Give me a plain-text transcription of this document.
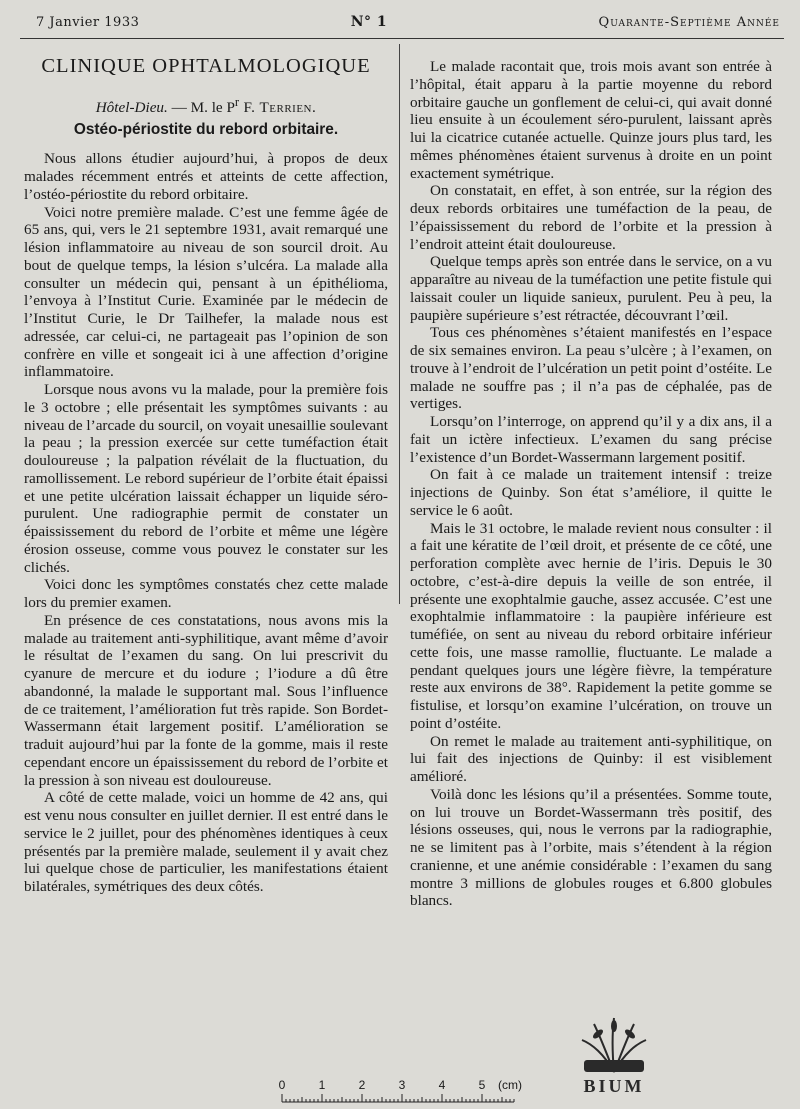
7 Janvier 1933	N° 1	Quarante-Septième Année
CLINIQUE OPHTALMOLOGIQUE
Hôtel-Dieu. — M. le $P^r$ F. Terrien.
Ostéo-périostite du rebord orbitaire.

Nous allons étudier aujourd’hui, à propos de deux malades récemment entrés et atteints de cette affection, l’ostéo-périostite du rebord orbitaire.

Voici notre première malade. C’est une femme âgée de 65 ans, qui, vers le 21 septembre 1931, avait remarqué une lésion inflammatoire au niveau de son sourcil droit. Au bout de quelque temps, la lésion s’ulcéra. La malade alla consulter un médecin qui, pensant à un épithélioma, l’envoya à l’Institut Curie. Examinée par le médecin de l’Institut Curie, le Dr Tailhefer, la malade nous est adressée, car celui-ci, ne partageait pas l’opinion de son confrère en ville et songeait ici à une affection d’origine inflammatoire.

Lorsque nous avons vu la malade, pour la première fois le 3 octobre ; elle présentait les symptômes suivants : au niveau de l’arcade du sourcil, on voyait unesaillie soulevant la peau ; la pression exercée sur cette tuméfaction était douloureuse ; la palpation révélait de la fluctuation, du ramollissement. Le rebord supérieur de l’orbite était épaissi et une petite ulcération laissait échapper un liquide séro-purulent. Une radiographie permit de constater un épaississement du rebord de l’orbite et même une légère érosion osseuse, comme vous pouvez le constater sur les clichés.

Voici donc les symptômes constatés chez cette malade lors du premier examen.

En présence de ces constatations, nous avons mis la malade au traitement anti-syphilitique, avant même d’avoir le résultat de l’examen du sang. On lui prescrivit du cyanure de mercure et du iodure ; l’iodure a dû être abandonné, la malade le supportant mal. Sous l’influence de ce traitement, l’amélioration fut très rapide. Son Bordet-Wassermann était largement positif. L’amélioration se traduit aujourd’hui par la fonte de la gomme, mais il reste cependant encore un épaississement du rebord de l’orbite et la pression à son niveau est douloureuse.

A côté de cette malade, voici un homme de 42 ans, qui est venu nous consulter en juillet dernier. Il est entré dans le service le 2 juillet, pour des phénomènes identiques à ceux présentés par la première malade, seulement il y avait chez lui quelque chose de particulier, les manifestations étaient bilatérales, symétriques des deux côtés.

Le malade racontait que, trois mois avant son entrée à l’hôpital, était apparu à la partie moyenne du rebord orbitaire gauche un gonflement de celui-ci, qui avait donné lieu ensuite à un écoulement séro-purulent, laissant après lui la cicatrice cutanée actuelle. Quinze jours plus tard, les mêmes phénomènes étaient survenus à droite en un point exactement symétrique.

On constatait, en effet, à son entrée, sur la région des deux rebords orbitaires une tuméfaction de la peau, de l’épaississement du rebord de l’orbite et la pression à l’endroit atteint était douloureuse.

Quelque temps après son entrée dans le service, on a vu apparaître au niveau de la tuméfaction une petite fistule qui laissait couler un liquide sanieux, purulent. Peu à peu, la paupière supérieure s’est rétractée, découvrant l’œil.

Tous ces phénomènes s’étaient manifestés en l’espace de six semaines environ. La peau s’ulcère ; à l’examen, on trouve à l’endroit de l’ulcération un petit point d’ostéite. Le malade ne souffre pas ; il n’a pas de céphalée, pas de vertiges.

Lorsqu’on l’interroge, on apprend qu’il y a dix ans, il a fait un ictère infectieux. L’examen du sang précise l’existence d’un Bordet-Wassermann largement positif.

On fait à ce malade un traitement intensif : treize injections de Quinby. Son état s’améliore, il quitte le service le 6 août.

Mais le 31 octobre, le malade revient nous consulter : il a fait une kératite de l’œil droit, et présente de ce côté, une perforation complète avec hernie de l’iris. Depuis le 30 octobre, c’est-à-dire depuis la veille de son entrée, il présente une exophtalmie gauche, assez accusée. C’est une exophtalmie inflammatoire : la paupière inférieure est tuméfiée, on sent au niveau du rebord orbitaire inférieur cette fois, une masse ramollie, fluctuante. Le malade a pendant quelques jours une légère fièvre, la température reste aux environs de 38°. Rapidement la petite gomme se fistulise, et lorsqu’on examine l’ulcération, on trouve un point d’ostéite.

On remet le malade au traitement anti-syphilitique, on lui fait des injections de Quinby: il est visiblement amélioré.

Voilà donc les lésions qu’il a présentées. Somme toute, on lui trouve un Bordet-Wassermann très positif, des lésions osseuses, qui, nous le verrons par la radiographie, ne se limitent pas à l’orbite, mais s’étendent à la région cranienne, et une anémie considérable : l’examen du sang montre 3 millions de globules rouges et 6.800 globules blancs.

BIUM
0	1	2	3	4	5 (cm)
